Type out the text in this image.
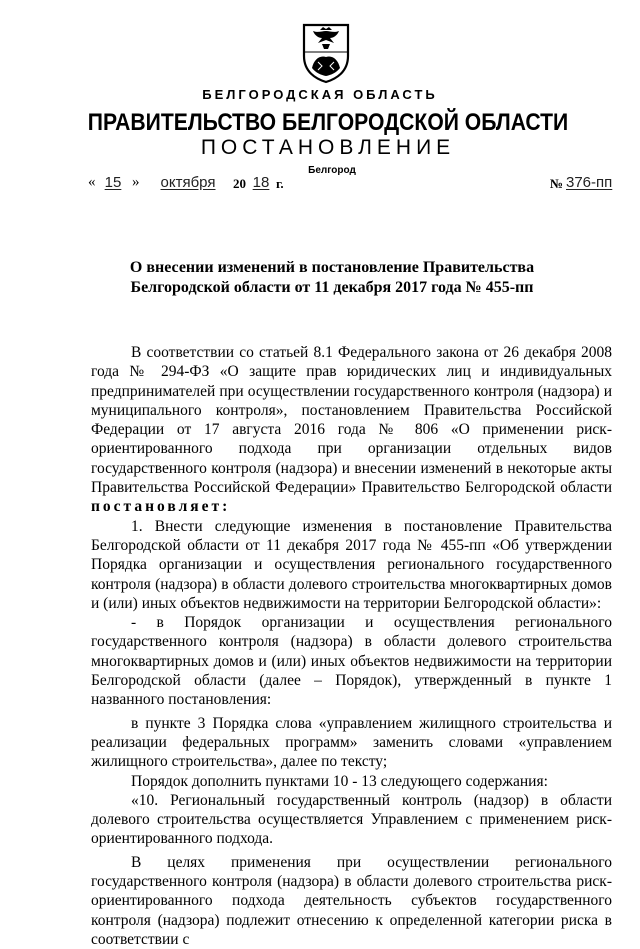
БЕЛГОРОДСКАЯ ОБЛАСТЬ
ПРАВИТЕЛЬСТВО БЕЛГОРОДСКОЙ ОБЛАСТИ
ПОСТАНОВЛЕНИЕ
Белгород
« 15 »	октября	20 18 г.	№ 376-пп
О внесении изменений в постановление Правительства
Белгородской области от 11 декабря 2017 года № 455-пп

В соответствии со статьей 8.1 Федерального закона от 26 декабря 2008 года № 294-ФЗ «О защите прав юридических лиц и индивидуальных предпринимателей при осуществлении государственного контроля (надзора) и муниципального контроля», постановлением Правительства Российской Федерации от 17 августа 2016 года № 806 «О применении риск-ориентированного подхода при организации отдельных видов государственного контроля (надзора) и внесении изменений в некоторые акты Правительства Российской Федерации» Правительство Белгородской области постановляет:

1. Внести следующие изменения в постановление Правительства Белгородской области от 11 декабря 2017 года № 455-пп «Об утверждении Порядка организации и осуществления регионального государственного контроля (надзора) в области долевого строительства многоквартирных домов и (или) иных объектов недвижимости на территории Белгородской области»:

- в Порядок организации и осуществления регионального государственного контроля (надзора) в области долевого строительства многоквартирных домов и (или) иных объектов недвижимости на территории Белгородской области (далее – Порядок), утвержденный в пункте 1 названного постановления:

в пункте 3 Порядка слова «управлением жилищного строительства и реализации федеральных программ» заменить словами «управлением жилищного строительства», далее по тексту;

Порядок дополнить пунктами 10 - 13 следующего содержания:

«10. Региональный государственный контроль (надзор) в области долевого строительства осуществляется Управлением с применением риск-ориентированного подхода.

В целях применения при осуществлении регионального государственного контроля (надзора) в области долевого строительства риск-ориентированного подхода деятельность субъектов государственного контроля (надзора) подлежит отнесению к определенной категории риска в соответствии с
